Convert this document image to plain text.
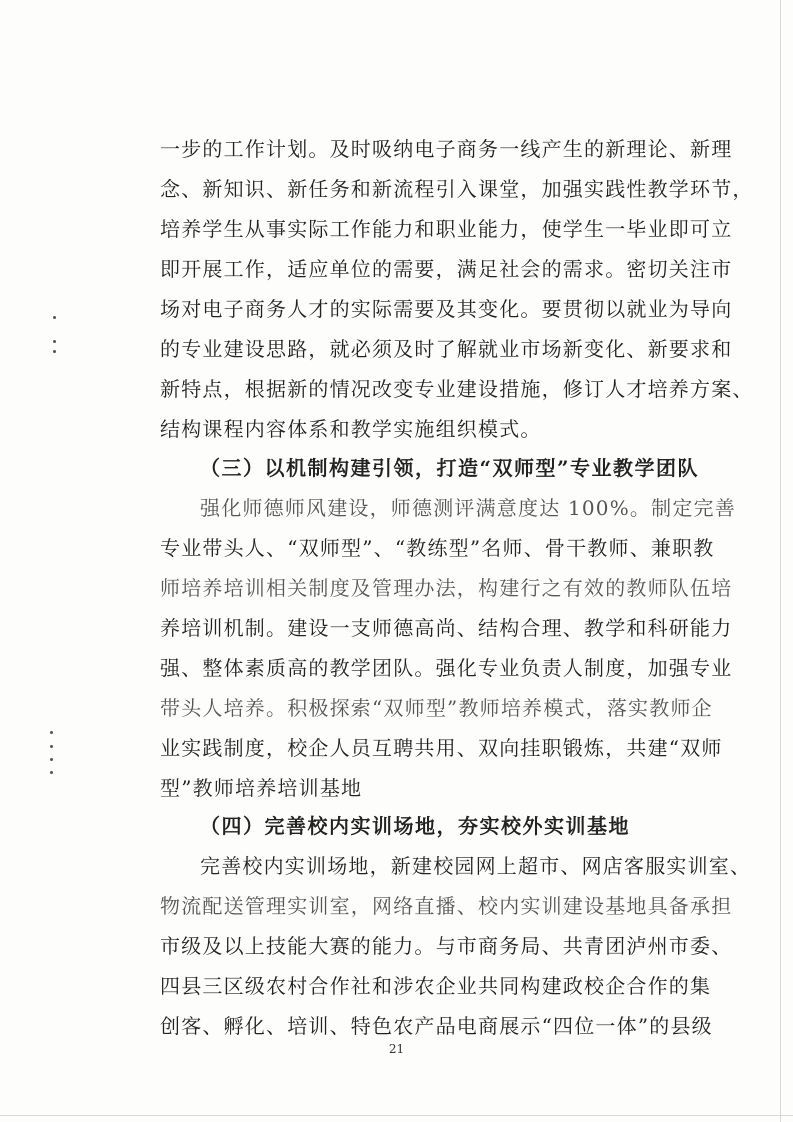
一步的工作计划。及时吸纳电子商务一线产生的新理论、新理
念、新知识、新任务和新流程引入课堂，加强实践性教学环节，
培养学生从事实际工作能力和职业能力，使学生一毕业即可立
即开展工作，适应单位的需要，满足社会的需求。密切关注市
场对电子商务人才的实际需要及其变化。要贯彻以就业为导向
的专业建设思路，就必须及时了解就业市场新变化、新要求和
新特点，根据新的情况改变专业建设措施，修订人才培养方案、
结构课程内容体系和教学实施组织模式。
（三）以机制构建引领，打造“双师型”专业教学团队
强化师德师风建设，师德测评满意度达 100%。制定完善
专业带头人、“双师型”、“教练型”名师、骨干教师、兼职教
师培养培训相关制度及管理办法，构建行之有效的教师队伍培
养培训机制。建设一支师德高尚、结构合理、教学和科研能力
强、整体素质高的教学团队。强化专业负责人制度，加强专业
带头人培养。积极探索“双师型”教师培养模式，落实教师企
业实践制度，校企人员互聘共用、双向挂职锻炼，共建“双师
型”教师培养培训基地
（四）完善校内实训场地，夯实校外实训基地
完善校内实训场地，新建校园网上超市、网店客服实训室、
物流配送管理实训室，网络直播、校内实训建设基地具备承担
市级及以上技能大赛的能力。与市商务局、共青团泸州市委、
四县三区级农村合作社和涉农企业共同构建政校企合作的集
创客、孵化、培训、特色农产品电商展示“四位一体”的县级
21
